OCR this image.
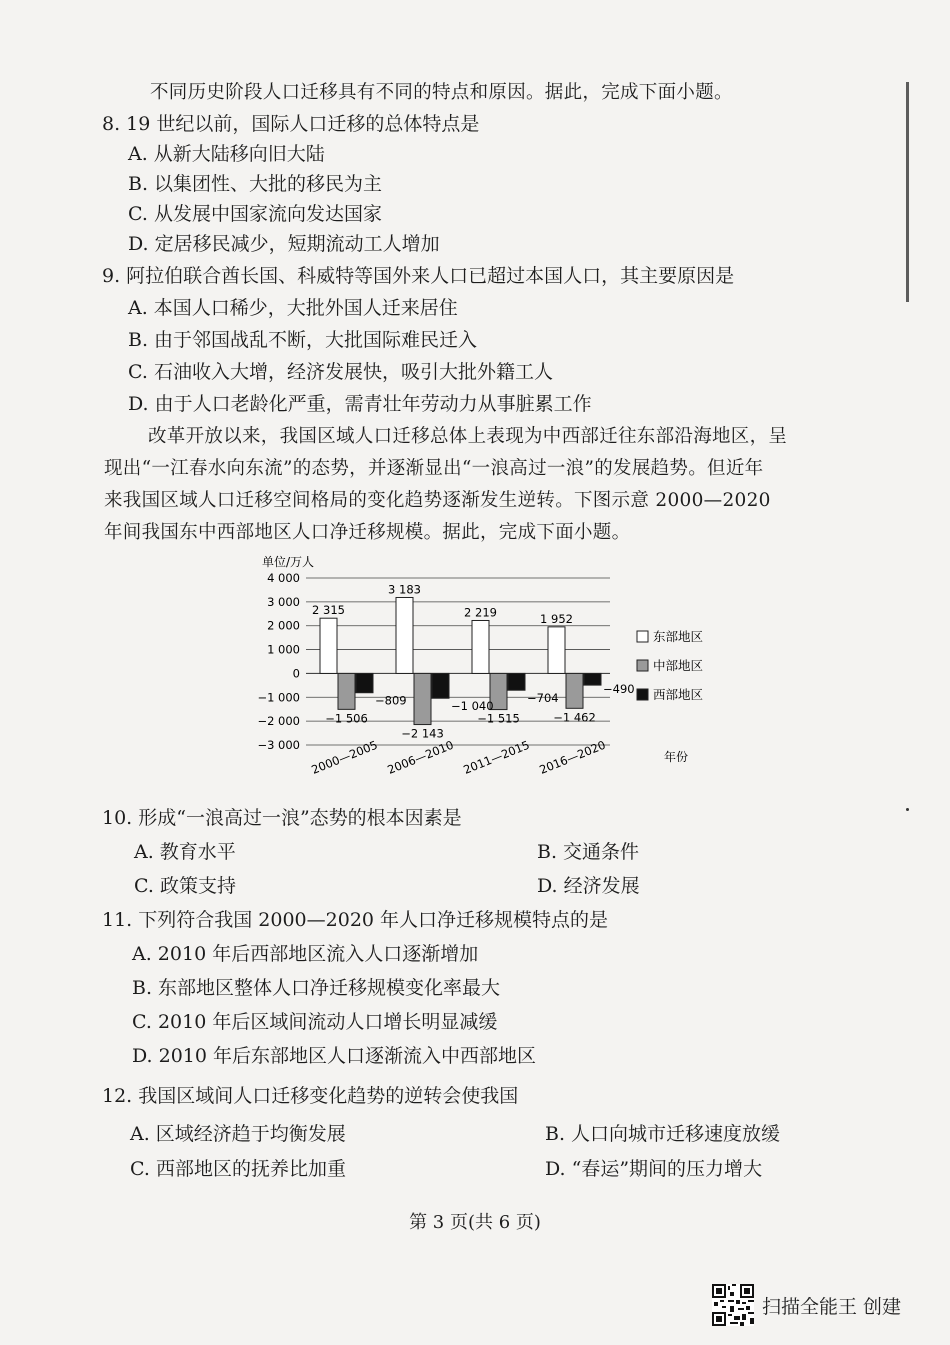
不同历史阶段人口迁移具有不同的特点和原因。据此，完成下面小题。
8. 19 世纪以前，国际人口迁移的总体特点是
A. 从新大陆移向旧大陆
B. 以集团性、大批的移民为主
C. 从发展中国家流向发达国家
D. 定居移民减少，短期流动工人增加
9. 阿拉伯联合酋长国、科威特等国外来人口已超过本国人口，其主要原因是
A. 本国人口稀少，大批外国人迁来居住
B. 由于邻国战乱不断，大批国际难民迁入
C. 石油收入大增，经济发展快，吸引大批外籍工人
D. 由于人口老龄化严重，需青壮年劳动力从事脏累工作
改革开放以来，我国区域人口迁移总体上表现为中西部迁往东部沿海地区，呈
现出“一江春水向东流”的态势，并逐渐显出“一浪高过一浪”的发展趋势。但近年
来我国区域人口迁移空间格局的变化趋势逐渐发生逆转。下图示意 2000—2020
年间我国东中西部地区人口净迁移规模。据此，完成下面小题。
单位/万人
4 000
3 000
2 000
1 000
0
−1 000
−2 000
−3 000
2 315
−1 506
−809
3 183
−2 143
−1 040
2 219
−1 515
−704
1 952
−1 462
−490
2000—2005 2006—2010 2011—2015 2016—2020	年份
东部地区
中部地区
西部地区
10. 形成“一浪高过一浪”态势的根本因素是
A. 教育水平	B. 交通条件
C. 政策支持	D. 经济发展
11. 下列符合我国 2000—2020 年人口净迁移规模特点的是
A. 2010 年后西部地区流入人口逐渐增加
B. 东部地区整体人口净迁移规模变化率最大
C. 2010 年后区域间流动人口增长明显减缓
D. 2010 年后东部地区人口逐渐流入中西部地区
12. 我国区域间人口迁移变化趋势的逆转会使我国
A. 区域经济趋于均衡发展	B. 人口向城市迁移速度放缓
C. 西部地区的抚养比加重	D. “春运”期间的压力增大
第 3 页(共 6 页)
扫描全能王 创建
